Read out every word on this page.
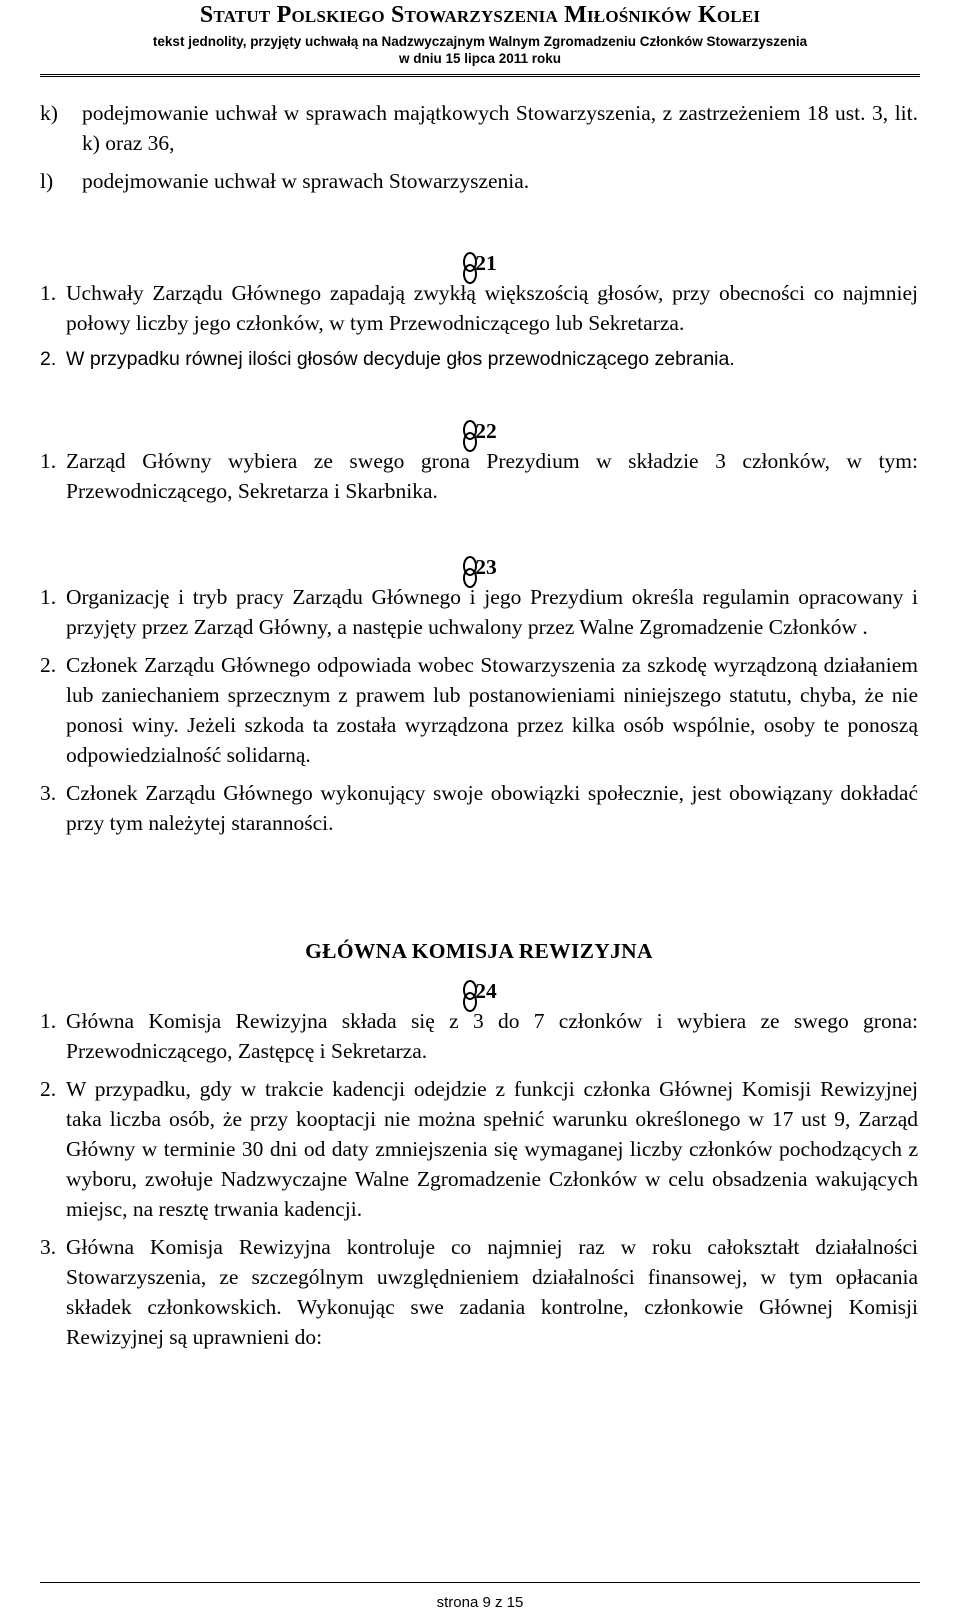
Statut Polskiego Stowarzyszenia Miłośników Kolei
tekst jednolity, przyjęty uchwałą na Nadzwyczajnym Walnym Zgromadzeniu Członków Stowarzyszenia
w dniu 15 lipca 2011 roku
k)	podejmowanie uchwał w sprawach majątkowych Stowarzyszenia, z zastrzeżeniem 18 ust. 3, lit. k) oraz 36,
l)	podejmowanie uchwał w sprawach Stowarzyszenia.
21
1. Uchwały Zarządu Głównego zapadają zwykłą większością głosów, przy obecności co najmniej połowy liczby jego członków, w tym Przewodniczącego lub Sekretarza.
2. W przypadku równej ilości głosów decyduje głos przewodniczącego zebrania.
22
1. Zarząd Główny wybiera ze swego grona Prezydium w składzie 3 członków, w tym: Przewodniczącego, Sekretarza i Skarbnika.
23
1. Organizację i tryb pracy Zarządu Głównego i jego Prezydium określa regulamin opracowany i przyjęty przez Zarząd Główny, a następie uchwalony przez Walne Zgromadzenie Członków .
2. Członek Zarządu Głównego odpowiada wobec Stowarzyszenia za szkodę wyrządzoną działaniem lub zaniechaniem sprzecznym z prawem lub postanowieniami niniejszego statutu, chyba, że nie ponosi winy. Jeżeli szkoda ta została wyrządzona przez kilka osób wspólnie, osoby te ponoszą odpowiedzialność solidarną.
3. Członek Zarządu Głównego wykonujący swoje obowiązki społecznie, jest obowiązany dokładać przy tym należytej staranności.
GŁÓWNA KOMISJA REWIZYJNA
24
1. Główna Komisja Rewizyjna składa się z 3 do 7 członków i wybiera ze swego grona: Przewodniczącego, Zastępcę i Sekretarza.
2. W przypadku, gdy w trakcie kadencji odejdzie z funkcji członka Głównej Komisji Rewizyjnej taka liczba osób, że przy kooptacji nie można spełnić warunku określonego w 17 ust 9, Zarząd Główny w terminie 30 dni od daty zmniejszenia się wymaganej liczby członków pochodzących z wyboru, zwołuje Nadzwyczajne Walne Zgromadzenie Członków w celu obsadzenia wakujących miejsc, na resztę trwania kadencji.
3. Główna Komisja Rewizyjna kontroluje co najmniej raz w roku całokształt działalności Stowarzyszenia, ze szczególnym uwzględnieniem działalności finansowej, w tym opłacania składek członkowskich. Wykonując swe zadania kontrolne, członkowie Głównej Komisji Rewizyjnej są uprawnieni do:
strona 9 z 15
